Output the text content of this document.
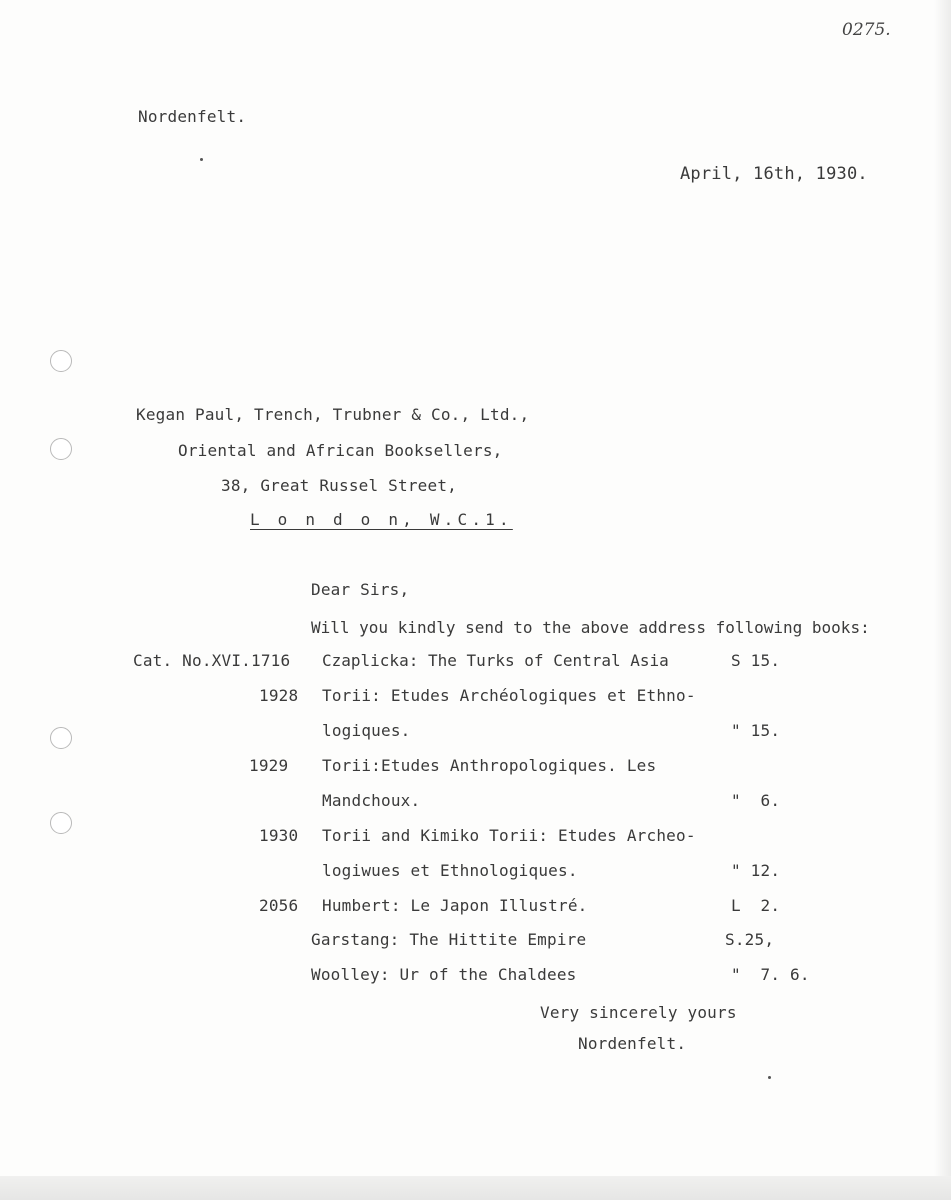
0275.
Nordenfelt.
April, 16th, 1930.
Kegan Paul, Trench, Trubner & Co., Ltd.,
Oriental and African Booksellers,
38, Great Russel Street,
L o n d o n, W.C.1.
Dear Sirs,
Will you kindly send to the above address following books:
Cat. No.XVI.1716 Czaplicka: The Turks of Central Asia	S 15.
1928 Torii: Etudes Archéologiques et Ethno-
logiques.	" 15.
1929 Torii:Etudes Anthropologiques. Les
Mandchoux.	"  6.
1930 Torii and Kimiko Torii: Etudes Archeo-
logiwues et Ethnologiques.	" 12.
2056 Humbert: Le Japon Illustré.	L  2.
Garstang: The Hittite Empire	S.25,
Woolley: Ur of the Chaldees	"  7. 6.
Very sincerely yours
Nordenfelt.
